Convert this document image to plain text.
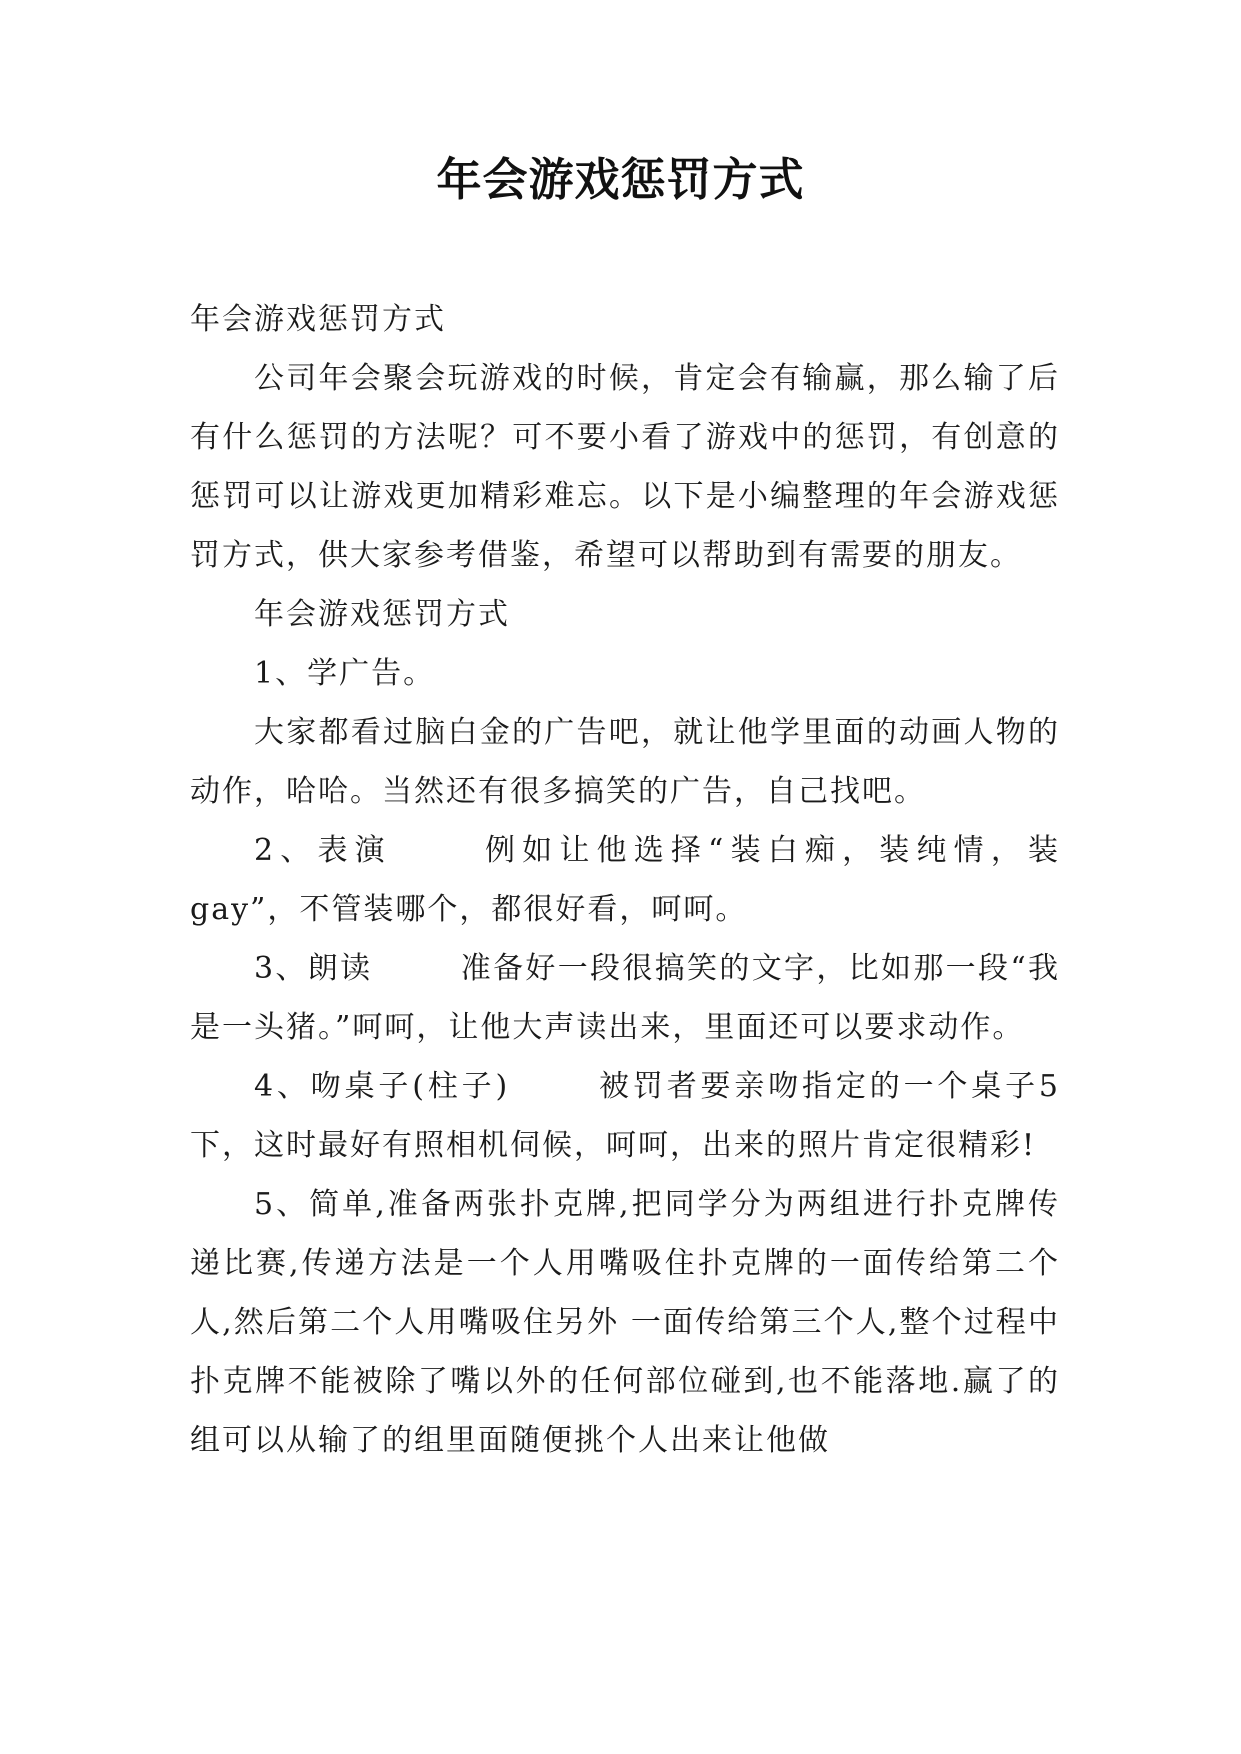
年会游戏惩罚方式

年会游戏惩罚方式

公司年会聚会玩游戏的时候，肯定会有输赢，那么输了后有什么惩罚的方法呢？可不要小看了游戏中的惩罚，有创意的惩罚可以让游戏更加精彩难忘。以下是小编整理的年会游戏惩罚方式，供大家参考借鉴，希望可以帮助到有需要的朋友。

年会游戏惩罚方式

1、学广告。

大家都看过脑白金的广告吧，就让他学里面的动画人物的动作，哈哈。当然还有很多搞笑的广告，自己找吧。

2、表演	例如让他选择“装白痴，装纯情，装gay”，不管装哪个，都很好看，呵呵。

3、朗读	准备好一段很搞笑的文字，比如那一段“我是一头猪。”呵呵，让他大声读出来，里面还可以要求动作。

4、吻桌子(柱子)	被罚者要亲吻指定的一个桌子5下，这时最好有照相机伺候，呵呵，出来的照片肯定很精彩!

5、简单,准备两张扑克牌,把同学分为两组进行扑克牌传递比赛,传递方法是一个人用嘴吸住扑克牌的一面传给第二个人,然后第二个人用嘴吸住另外 一面传给第三个人,整个过程中扑克牌不能被除了嘴以外的任何部位碰到,也不能落地.赢了的组可以从输了的组里面随便挑个人出来让他做
